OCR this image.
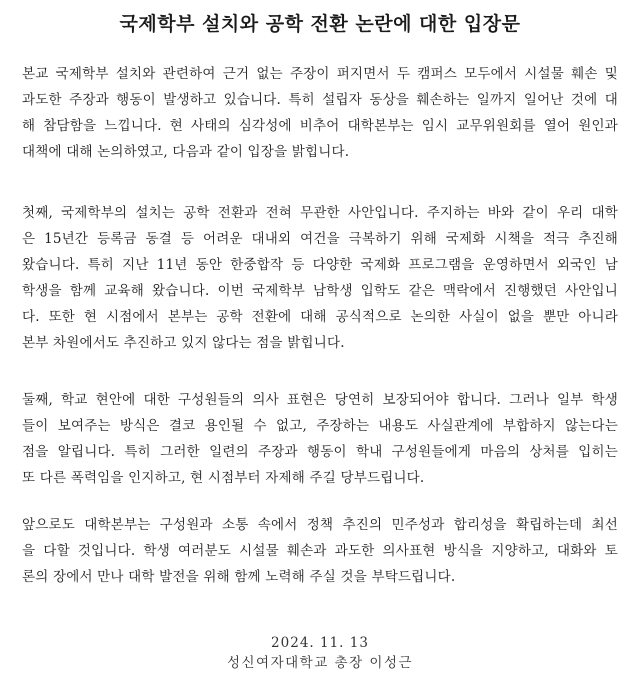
국제학부 설치와 공학 전환 논란에 대한 입장문
본교 국제학부 설치와 관련하여 근거 없는 주장이 퍼지면서 두 캠퍼스 모두에서 시설물 훼손 및
과도한 주장과 행동이 발생하고 있습니다. 특히 설립자 동상을 훼손하는 일까지 일어난 것에 대
해 참담함을 느낍니다. 현 사태의 심각성에 비추어 대학본부는 임시 교무위원회를 열어 원인과
대책에 대해 논의하였고, 다음과 같이 입장을 밝힙니다.
첫째, 국제학부의 설치는 공학 전환과 전혀 무관한 사안입니다. 주지하는 바와 같이 우리 대학
은 15년간 등록금 동결 등 어려운 대내외 여건을 극복하기 위해 국제화 시책을 적극 추진해
왔습니다. 특히 지난 11년 동안 한중합작 등 다양한 국제화 프로그램을 운영하면서 외국인 남
학생을 함께 교육해 왔습니다. 이번 국제학부 남학생 입학도 같은 맥락에서 진행했던 사안입니
다. 또한 현 시점에서 본부는 공학 전환에 대해 공식적으로 논의한 사실이 없을 뿐만 아니라
본부 차원에서도 추진하고 있지 않다는 점을 밝힙니다.
둘째, 학교 현안에 대한 구성원들의 의사 표현은 당연히 보장되어야 합니다. 그러나 일부 학생
들이 보여주는 방식은 결코 용인될 수 없고, 주장하는 내용도 사실관계에 부합하지 않는다는
점을 알립니다. 특히 그러한 일련의 주장과 행동이 학내 구성원들에게 마음의 상처를 입히는
또 다른 폭력임을 인지하고, 현 시점부터 자제해 주길 당부드립니다.
앞으로도 대학본부는 구성원과 소통 속에서 정책 추진의 민주성과 합리성을 확립하는데 최선
을 다할 것입니다. 학생 여러분도 시설물 훼손과 과도한 의사표현 방식을 지양하고, 대화와 토
론의 장에서 만나 대학 발전을 위해 함께 노력해 주실 것을 부탁드립니다.
2024. 11. 13
성신여자대학교 총장 이성근
